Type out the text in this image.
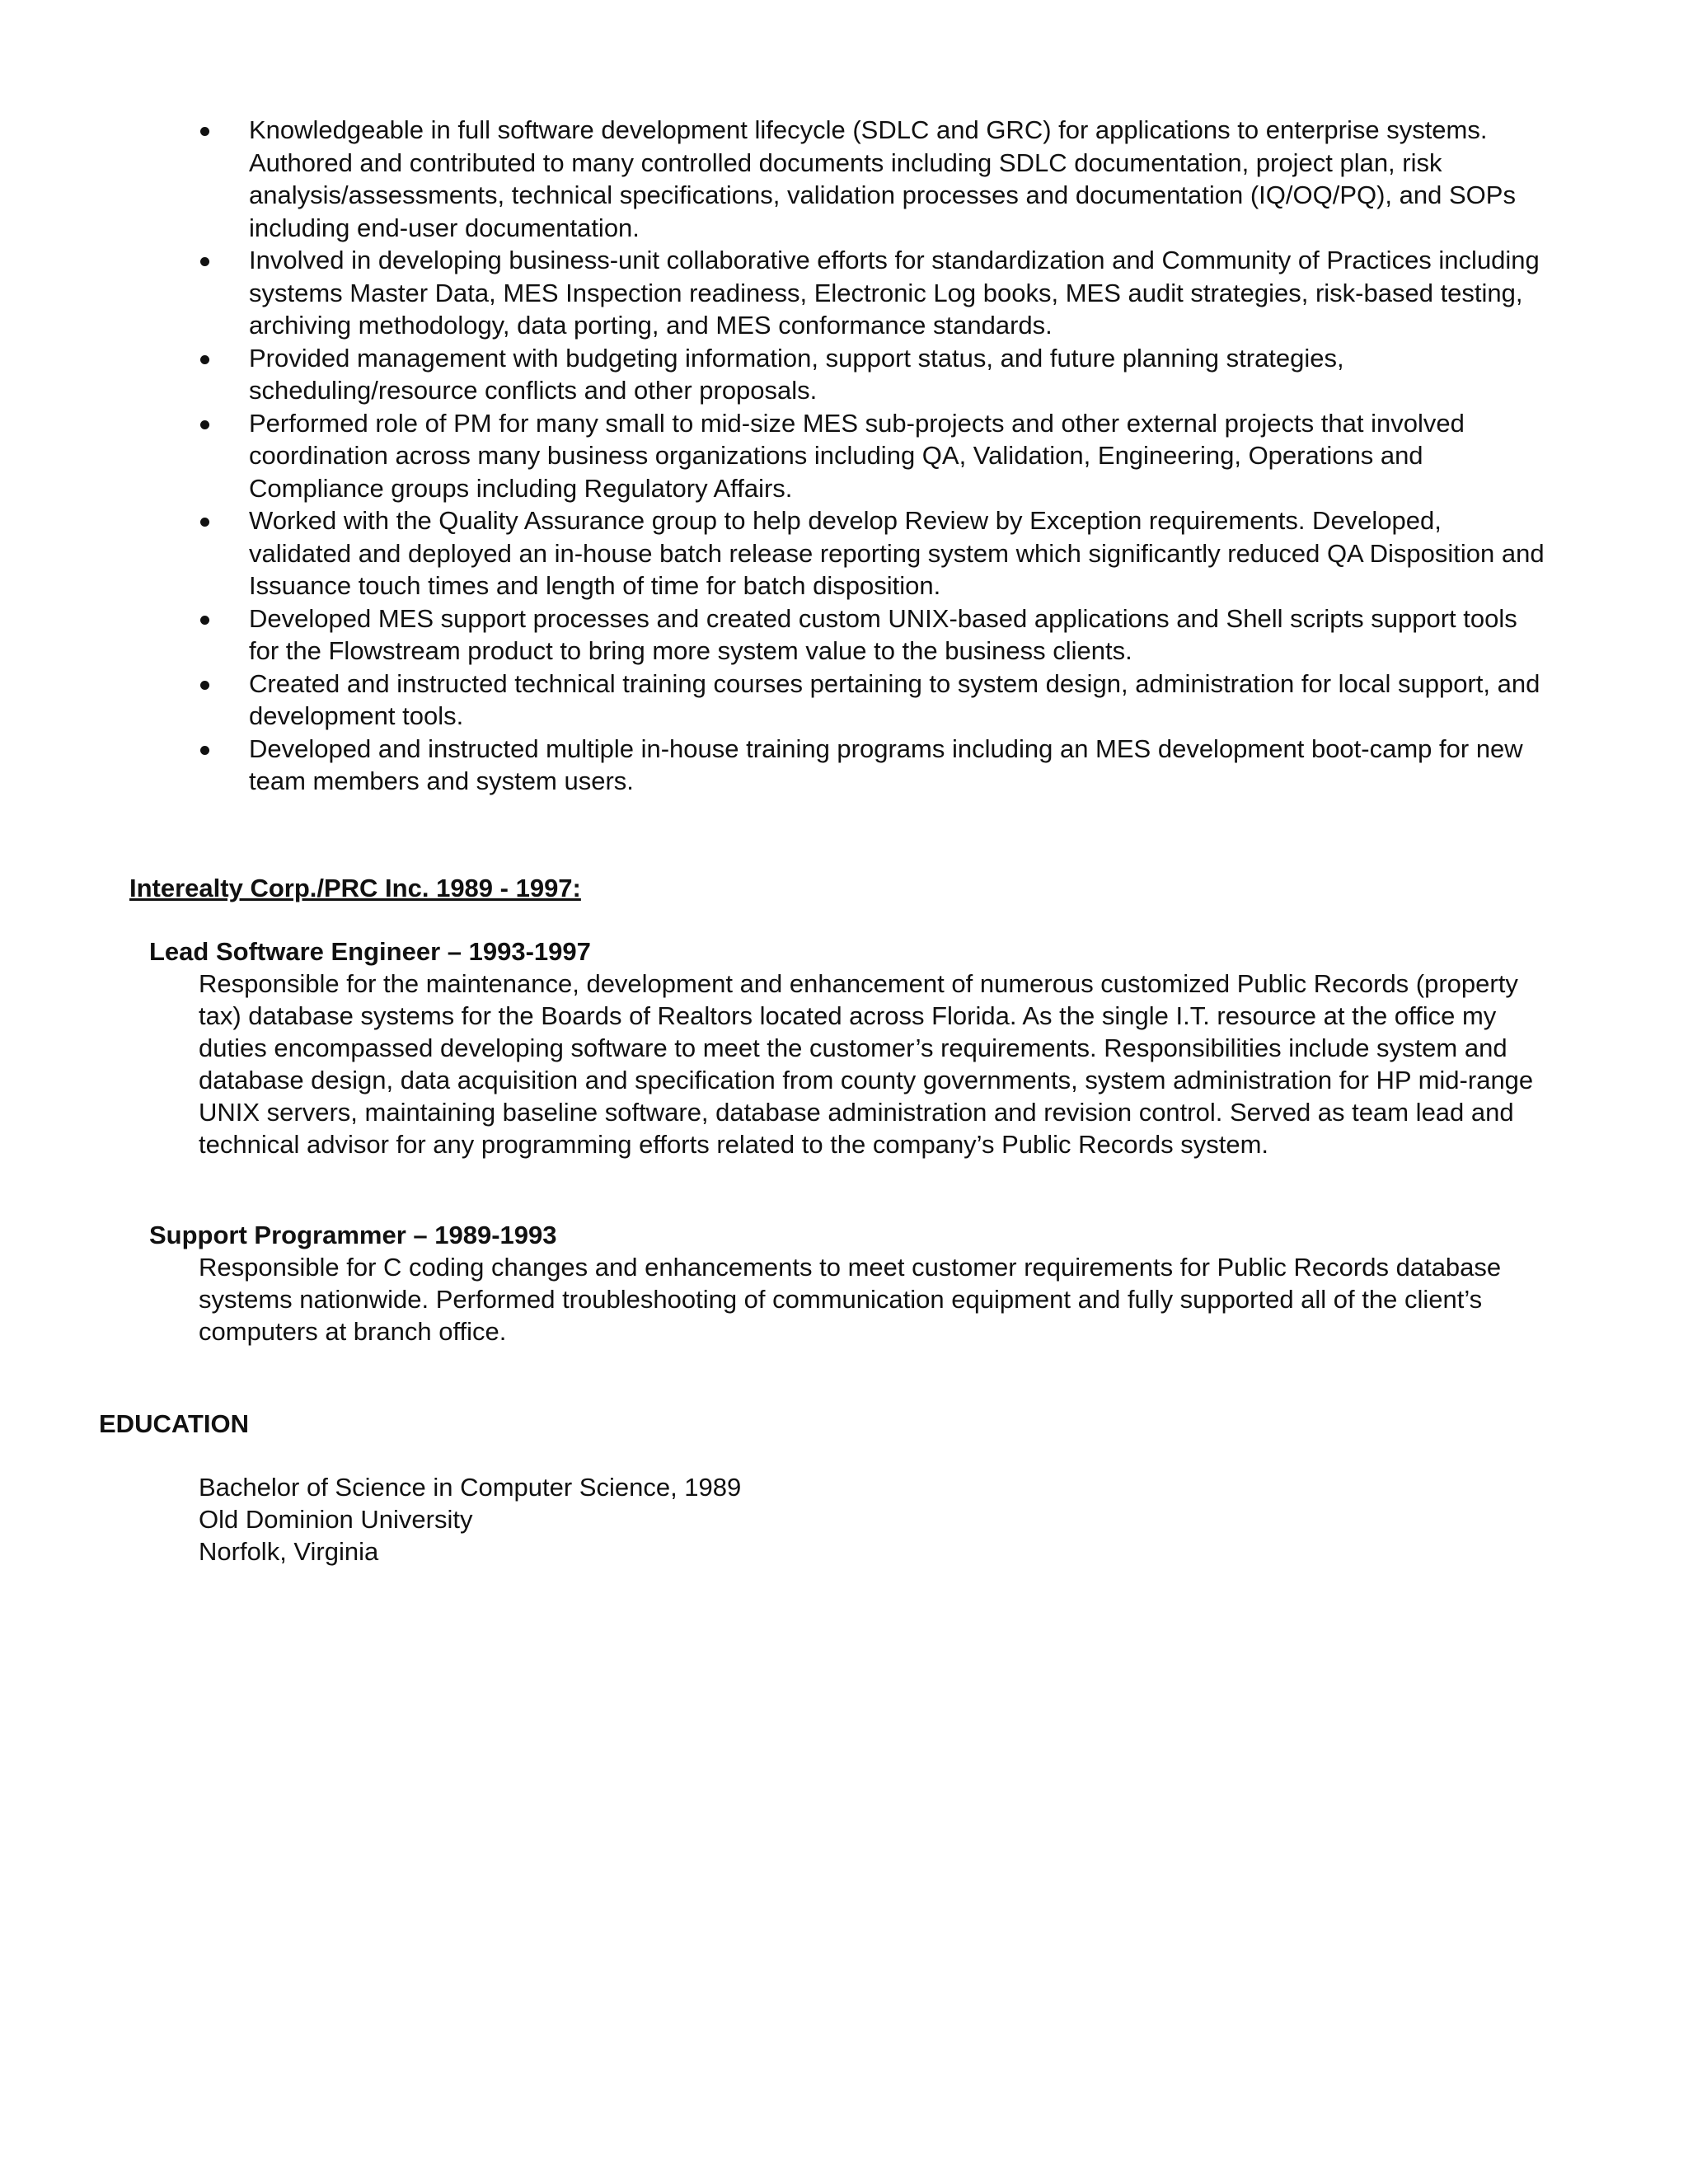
Knowledgeable in full software development lifecycle (SDLC and GRC) for applications to enterprise systems. Authored and contributed to many controlled documents including SDLC documentation, project plan, risk analysis/assessments, technical specifications, validation processes and documentation (IQ/OQ/PQ), and SOPs including end-user documentation.
Involved in developing business-unit collaborative efforts for standardization and Community of Practices including systems Master Data, MES Inspection readiness, Electronic Log books, MES audit strategies, risk-based testing, archiving methodology, data porting, and MES conformance standards.
Provided management with budgeting information, support status, and future planning strategies, scheduling/resource conflicts and other proposals.
Performed role of PM for many small to mid-size MES sub-projects and other external projects that involved coordination across many business organizations including QA, Validation, Engineering, Operations and Compliance groups including Regulatory Affairs.
Worked with the Quality Assurance group to help develop Review by Exception requirements. Developed, validated and deployed an in-house batch release reporting system which significantly reduced QA Disposition and Issuance touch times and length of time for batch disposition.
Developed MES support processes and created custom UNIX-based applications and Shell scripts support tools for the Flowstream product to bring more system value to the business clients.
Created and instructed technical training courses pertaining to system design, administration for local support, and development tools.
Developed and instructed multiple in-house training programs including an MES development boot-camp for new team members and system users.

Interealty Corp./PRC Inc. 1989 - 1997:

Lead Software Engineer – 1993-1997

Responsible for the maintenance, development and enhancement of numerous customized Public Records (property tax) database systems for the Boards of Realtors located across Florida. As the single I.T. resource at the office my duties encompassed developing software to meet the customer’s requirements. Responsibilities include system and database design, data acquisition and specification from county governments, system administration for HP mid-range UNIX servers, maintaining baseline software, database administration and revision control. Served as team lead and technical advisor for any programming efforts related to the company’s Public Records system.

Support Programmer – 1989-1993

Responsible for C coding changes and enhancements to meet customer requirements for Public Records database systems nationwide. Performed troubleshooting of communication equipment and fully supported all of the client’s computers at branch office.

EDUCATION

Bachelor of Science in Computer Science, 1989
Old Dominion University
Norfolk, Virginia
